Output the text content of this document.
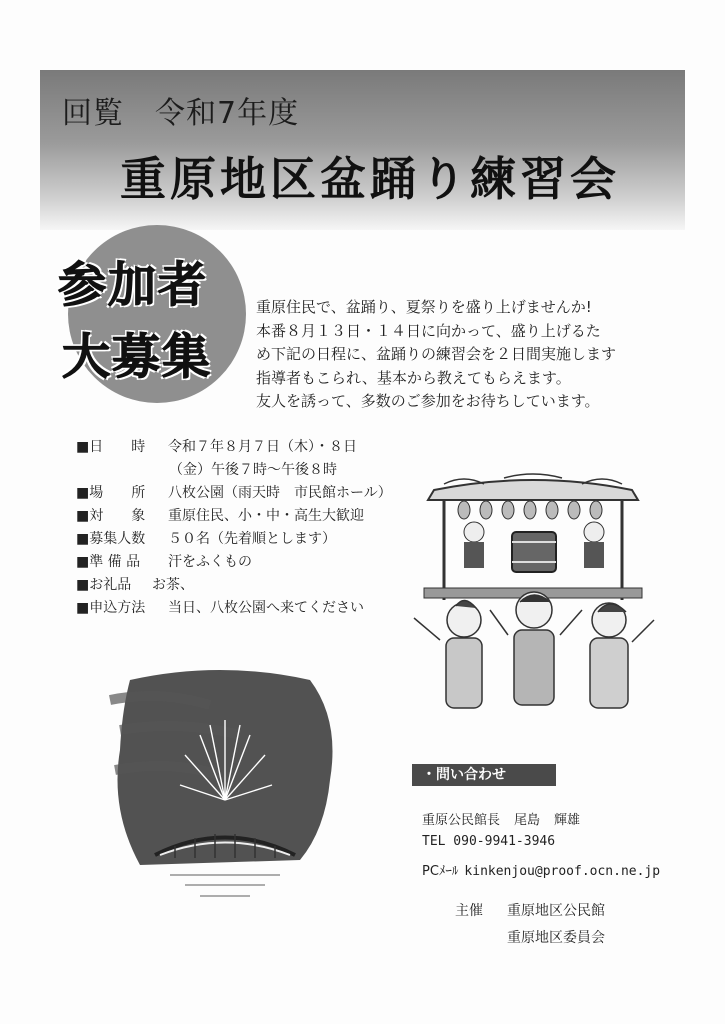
回覧　令和7年度
重原地区盆踊り練習会
参加者
大募集
重原住民で、盆踊り、夏祭りを盛り上げませんか!
本番８月１３日・１４日に向かって、盛り上げるた
め下記の日程に、盆踊りの練習会を２日間実施します
指導者もこられ、基本から教えてもらえます。
友人を誘って、多数のご参加をお待ちしています。
■日　　時 令和７年８月７日（木）・８日
（金）午後７時～午後８時
■場　　所 八枚公園（雨天時　市民館ホール）
■対　　象 重原住民、小・中・高生大歓迎
■募集人数 ５０名（先着順とします）
■準 備 品 汗をふくもの
■お礼品 お茶、
■申込方法 当日、八枚公園へ来てください
・問い合わせ
重原公民館長 尾島 輝雄
TEL 090-9941-3946
PCﾒｰﾙ kinkenjou@proof.ocn.ne.jp
主催 重原地区公民館
重原地区委員会
